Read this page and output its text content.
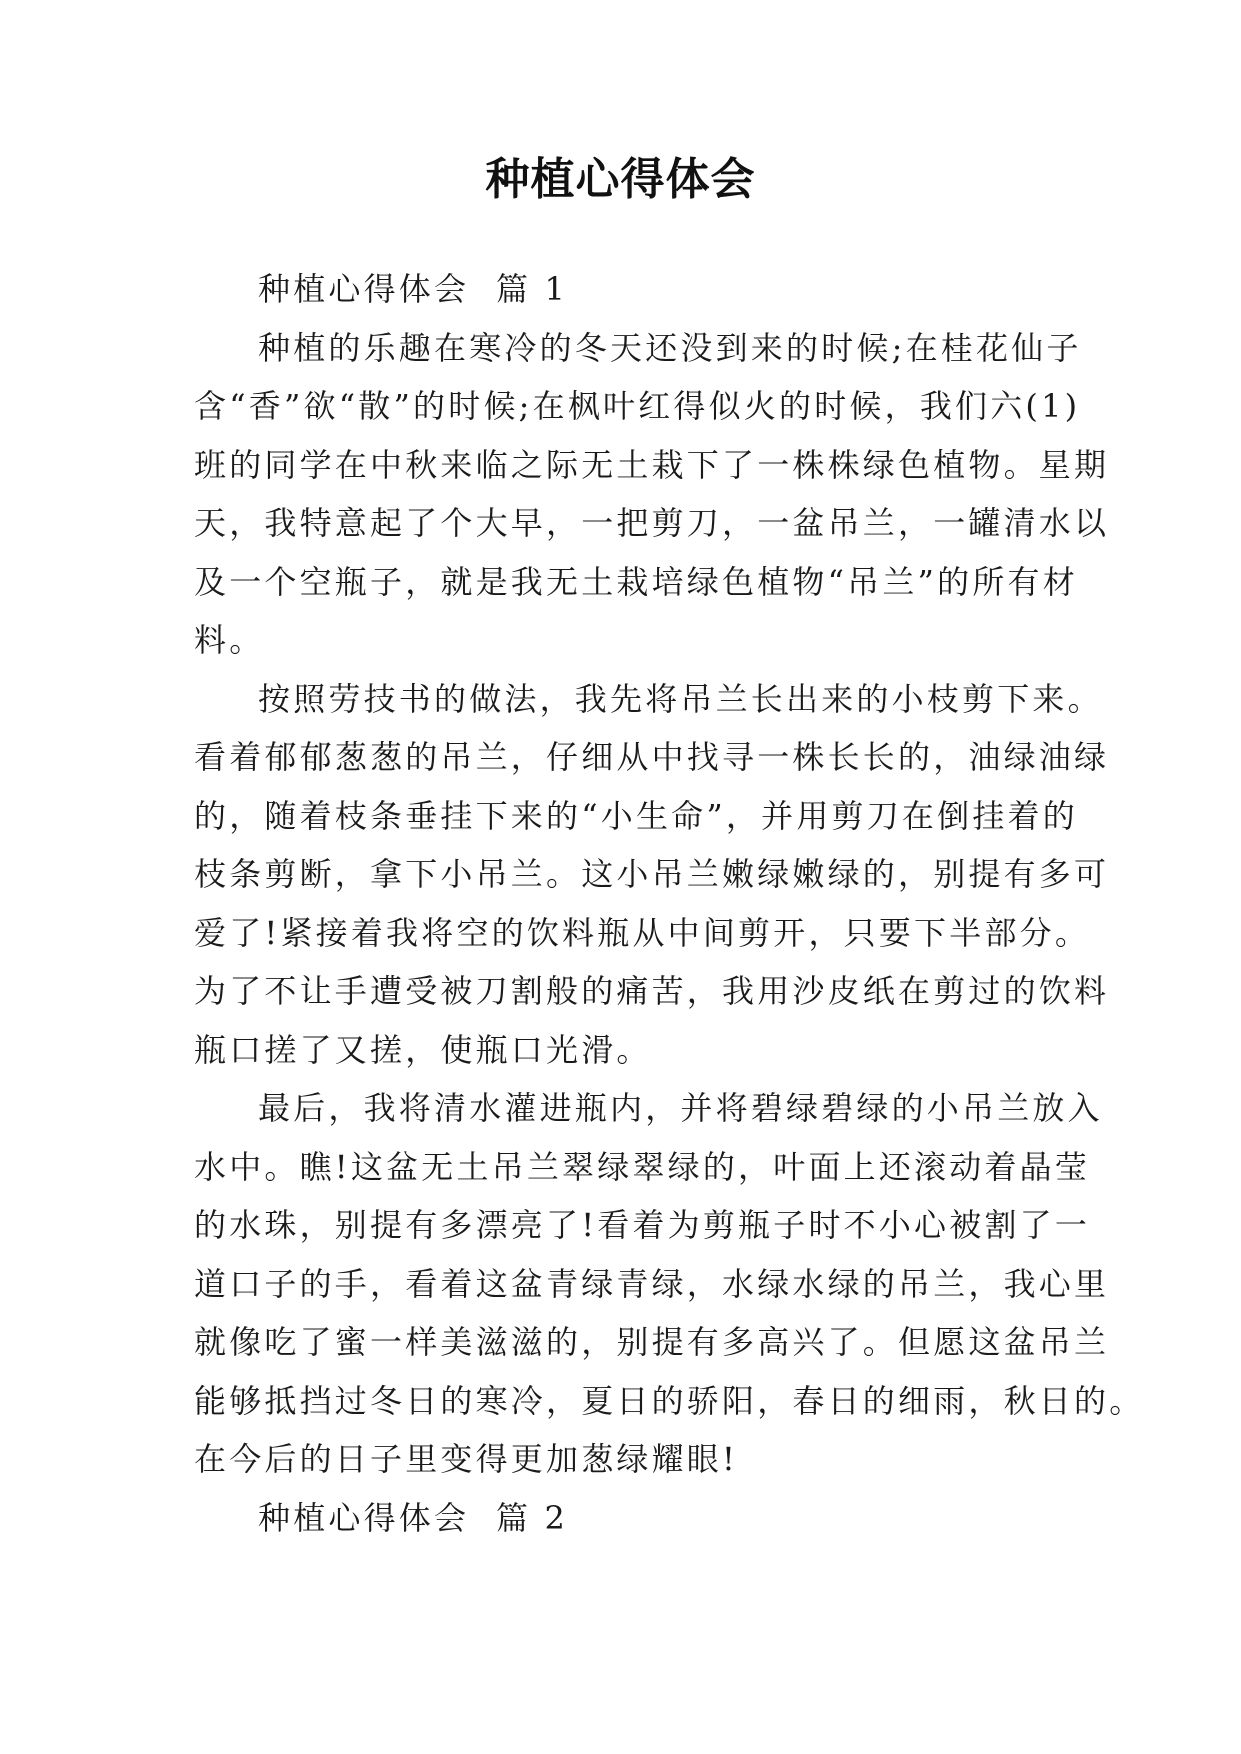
种植心得体会
种植心得体会  篇 1
种植的乐趣在寒冷的冬天还没到来的时候;在桂花仙子
含“香”欲“散”的时候;在枫叶红得似火的时候，我们六(1)
班的同学在中秋来临之际无土栽下了一株株绿色植物。星期
天，我特意起了个大早，一把剪刀，一盆吊兰，一罐清水以
及一个空瓶子，就是我无土栽培绿色植物“吊兰”的所有材
料。
按照劳技书的做法，我先将吊兰长出来的小枝剪下来。
看着郁郁葱葱的吊兰，仔细从中找寻一株长长的，油绿油绿
的，随着枝条垂挂下来的“小生命”，并用剪刀在倒挂着的
枝条剪断，拿下小吊兰。这小吊兰嫩绿嫩绿的，别提有多可
爱了!紧接着我将空的饮料瓶从中间剪开，只要下半部分。
为了不让手遭受被刀割般的痛苦，我用沙皮纸在剪过的饮料
瓶口搓了又搓，使瓶口光滑。
最后，我将清水灌进瓶内，并将碧绿碧绿的小吊兰放入
水中。瞧!这盆无土吊兰翠绿翠绿的，叶面上还滚动着晶莹
的水珠，别提有多漂亮了!看着为剪瓶子时不小心被割了一
道口子的手，看着这盆青绿青绿，水绿水绿的吊兰，我心里
就像吃了蜜一样美滋滋的，别提有多高兴了。但愿这盆吊兰
能够抵挡过冬日的寒冷，夏日的骄阳，春日的细雨，秋日的。
在今后的日子里变得更加葱绿耀眼!
种植心得体会  篇 2
